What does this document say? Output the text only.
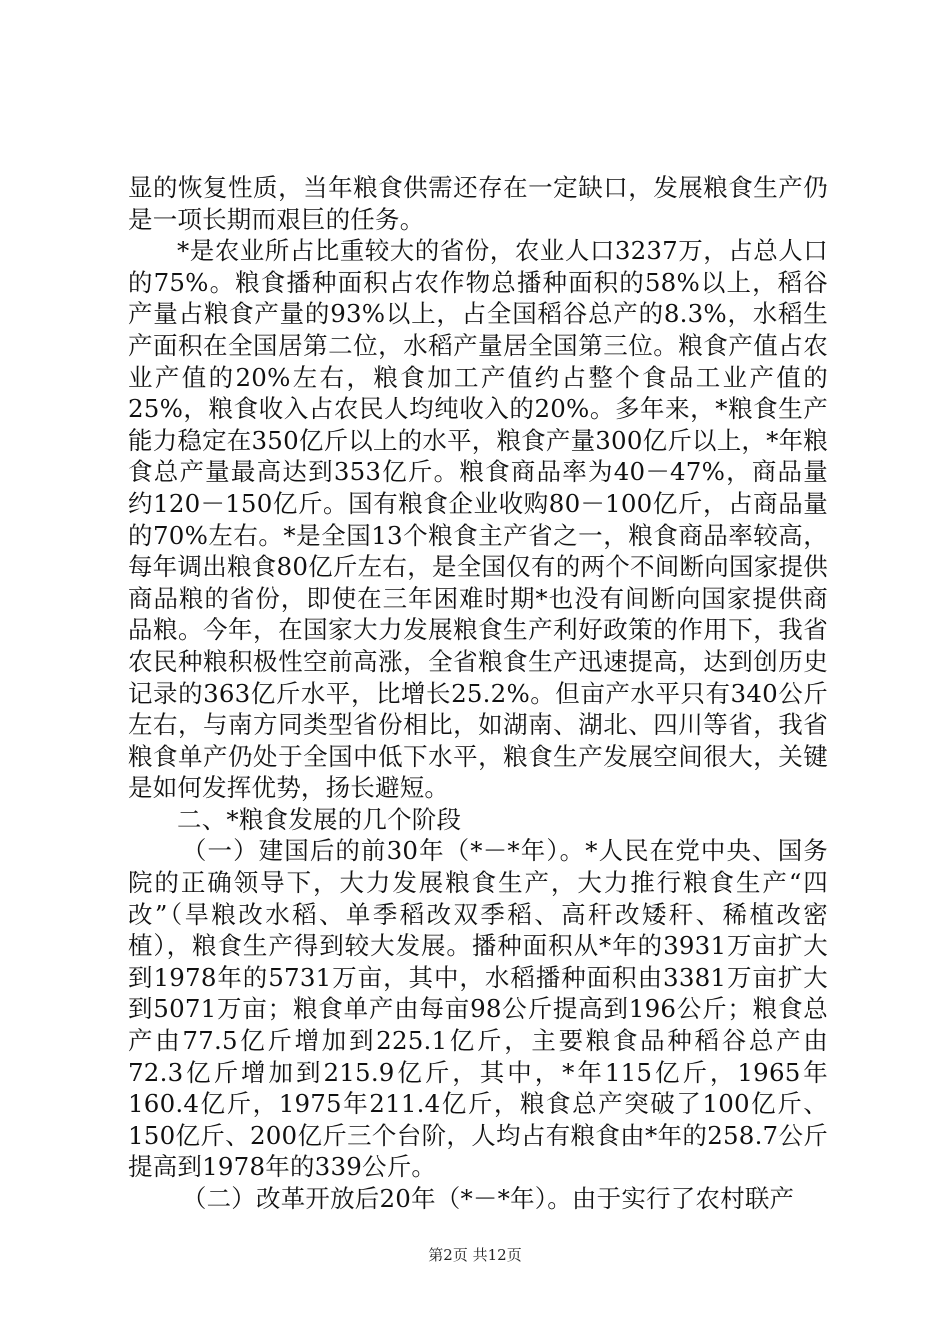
显的恢复性质，当年粮食供需还存在一定缺口，发展粮食生产仍是一项长期而艰巨的任务。

*是农业所占比重较大的省份，农业人口3237万，占总人口的75%。粮食播种面积占农作物总播种面积的58%以上，稻谷产量占粮食产量的93%以上，占全国稻谷总产的8.3%，水稻生产面积在全国居第二位，水稻产量居全国第三位。粮食产值占农业产值的20%左右，粮食加工产值约占整个食品工业产值的25%，粮食收入占农民人均纯收入的20%。多年来，*粮食生产能力稳定在350亿斤以上的水平，粮食产量300亿斤以上，*年粮食总产量最高达到353亿斤。粮食商品率为40－47%，商品量约120－150亿斤。国有粮食企业收购80－100亿斤，占商品量的70%左右。*是全国13个粮食主产省之一，粮食商品率较高，每年调出粮食80亿斤左右，是全国仅有的两个不间断向国家提供商品粮的省份，即使在三年困难时期*也没有间断向国家提供商品粮。今年，在国家大力发展粮食生产利好政策的作用下，我省农民种粮积极性空前高涨，全省粮食生产迅速提高，达到创历史记录的363亿斤水平，比增长25.2%。但亩产水平只有340公斤左右，与南方同类型省份相比，如湖南、湖北、四川等省，我省粮食单产仍处于全国中低下水平，粮食生产发展空间很大，关键是如何发挥优势，扬长避短。

二、*粮食发展的几个阶段

（一）建国后的前30年（*－*年）。*人民在党中央、国务院的正确领导下，大力发展粮食生产，大力推行粮食生产“四改”（旱粮改水稻、单季稻改双季稻、高秆改矮秆、稀植改密植），粮食生产得到较大发展。播种面积从*年的3931万亩扩大到1978年的5731万亩，其中，水稻播种面积由3381万亩扩大到5071万亩；粮食单产由每亩98公斤提高到196公斤；粮食总产由77.5亿斤增加到225.1亿斤，主要粮食品种稻谷总产由72.3亿斤增加到215.9亿斤，其中，*年115亿斤，1965年160.4亿斤，1975年211.4亿斤，粮食总产突破了100亿斤、150亿斤、200亿斤三个台阶，人均占有粮食由*年的258.7公斤提高到1978年的339公斤。

（二）改革开放后20年（*－*年）。由于实行了农村联产

第2页 共12页
